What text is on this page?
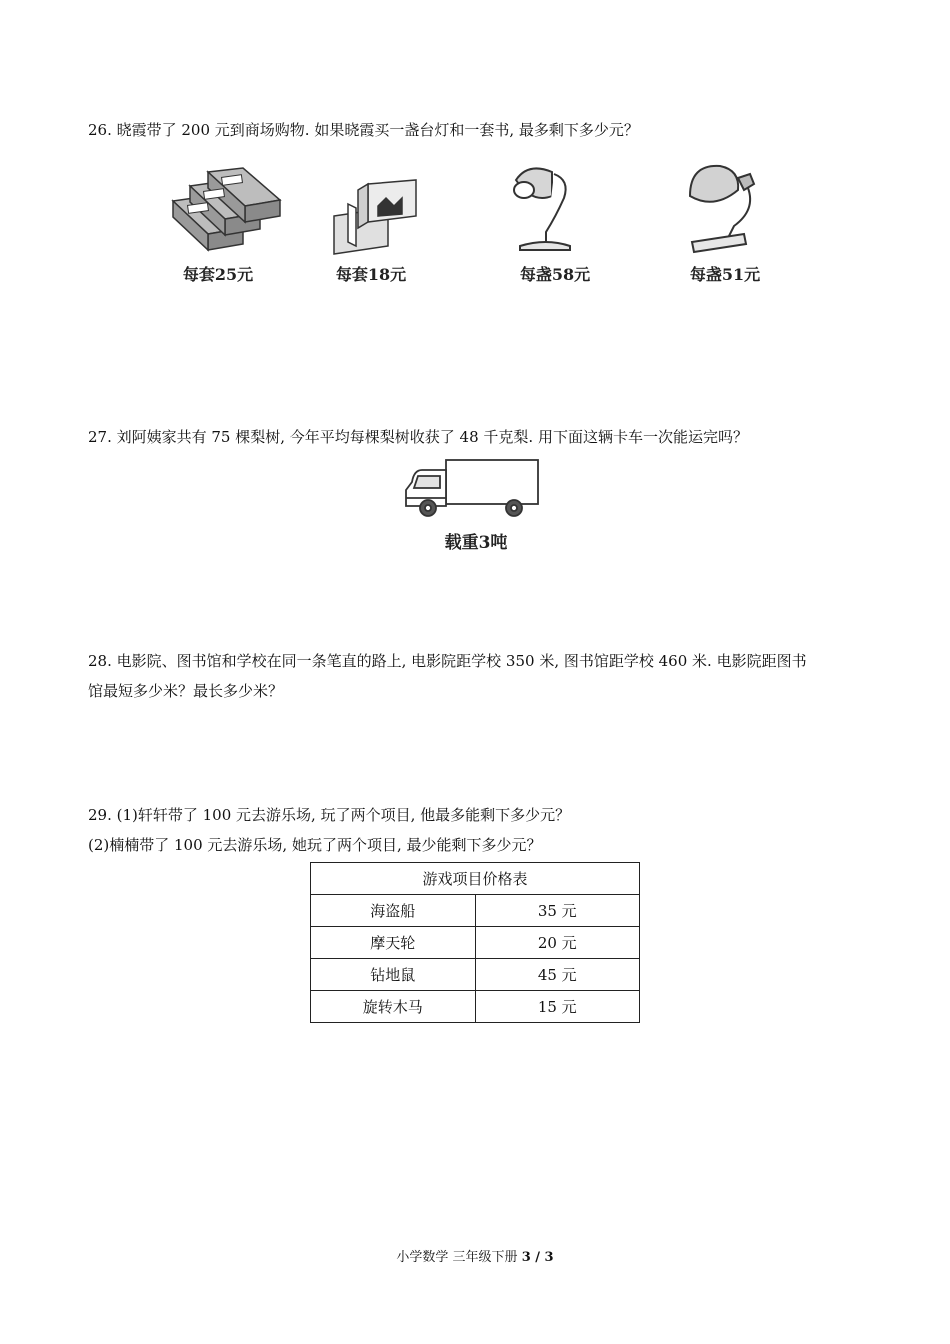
26. 晓霞带了 200 元到商场购物. 如果晓霞买一盏台灯和一套书, 最多剩下多少元？
每套25元	每套18元	每盏58元	每盏51元
27. 刘阿姨家共有 75 棵梨树, 今年平均每棵梨树收获了 48 千克梨. 用下面这辆卡车一次能运完吗？
载重3吨
28. 电影院、图书馆和学校在同一条笔直的路上, 电影院距学校 350 米, 图书馆距学校 460 米. 电影院距图书
馆最短多少米？最长多少米？
29. (1)轩轩带了 100 元去游乐场, 玩了两个项目, 他最多能剩下多少元？
(2)楠楠带了 100 元去游乐场, 她玩了两个项目, 最少能剩下多少元？
游戏项目价格表	
海盗船	35 元
摩天轮	20 元
钻地鼠	45 元
旋转木马	15 元
小学数学 三年级下册 3 / 3
